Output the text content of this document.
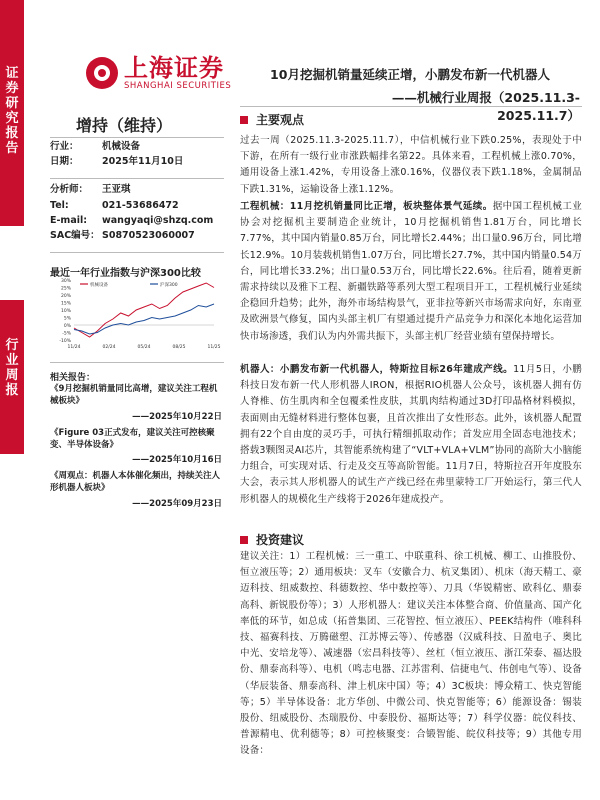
证券研究报告
行业周报
上海证券
SHANGHAI SECURITIES
10月挖掘机销量延续正增，小鹏发布新一代机器人
——机械行业周报（2025.11.3-2025.11.7）
增持（维持）
行业：	机械设备
日期：	2025年11月10日
分析师：	王亚琪
Tel:	021-53686472
E-mail:	wangyaqi@shzq.com
SAC编号： S0870523060007
最近一年行业指数与沪深300比较
30%
25%
20%
15%
10%
5%
0%
-5%
-10%
11/24	02/24	05/24	08/25	11/25
机械设备	沪深300
相关报告：
《9月挖掘机销量同比高增，建议关注工程机械板块》
——2025年10月22日
《Figure 03正式发布，建议关注可控核聚变、半导体设备》
——2025年10月16日
《周观点：机器人本体催化频出，持续关注人形机器人板块》
——2025年09月23日
主要观点
过去一周（2025.11.3-2025.11.7），中信机械行业下跌0.25%，表现处于中下游，在所有一级行业市涨跌幅排名第22。具体来看，工程机械上涨0.70%，通用设备上涨1.42%，专用设备上涨0.16%，仪器仪表下跌1.18%，金属制品下跌1.31%，运输设备上涨1.12%。
工程机械：11月挖机销量同比正增，板块整体景气延续。据中国工程机械工业协会对挖掘机主要制造企业统计，10月挖掘机销售1.81万台，同比增长7.77%，其中国内销量0.85万台，同比增长2.44%；出口量0.96万台，同比增长12.9%。10月装载机销售1.07万台，同比增长27.7%，其中国内销量0.54万台，同比增长33.2%；出口量0.53万台，同比增长22.6%。往后看，随着更新需求持续以及雅下工程、新疆铁路等系列大型工程项目开工，工程机械行业延续企稳回升趋势；此外，海外市场结构景气，亚非拉等新兴市场需求向好，东南亚及欧洲景气修复，国内头部主机厂有望通过提升产品竞争力和深化本地化运营加快市场渗透，我们认为内外需共振下，头部主机厂经营业绩有望保持增长。
机器人：小鹏发布新一代机器人，特斯拉目标26年建成产线。11月5日，小鹏科技日发布新一代人形机器人IRON，根据RIO机器人公众号，该机器人拥有仿人脊椎、仿生肌肉和全包覆柔性皮肤，其肌肉结构通过3D打印晶格材料模拟，表面则由无缝材料进行整体包裹，且首次推出了女性形态。此外，该机器人配置拥有22个自由度的灵巧手，可执行精细抓取动作；首发应用全固态电池技术；搭载3颗图灵AI芯片，其智能系统构建了“VLT+VLA+VLM”协同的高阶大小脑能力组合，可实现对话、行走及交互等高阶智能。11月7日，特斯拉召开年度股东大会，表示其人形机器人的试生产产线已经在弗里蒙特工厂开始运行，第三代人形机器人的规模化生产线将于2026年建成投产。
投资建议
建议关注：1）工程机械：三一重工、中联重科、徐工机械、柳工、山推股份、恒立液压等；2）通用板块：叉车（安徽合力、杭叉集团）、机床（海天精工、豪迈科技、纽威数控、科德数控、华中数控等）、刀具（华锐精密、欧科亿、鼎泰高科、新锐股份等）；3）人形机器人：建议关注本体整合商、价值量高、国产化率低的环节，如总成（拓普集团、三花智控、恒立液压）、PEEK结构件（唯科科技、福赛科技、万腾磁塑、江苏博云等）、传感器（汉威科技、日盈电子、奥比中光、安培龙等）、减速器（宏昌科技等）、丝杠（恒立液压、浙江荣泰、福达股份、鼎泰高科等）、电机（鸣志电器、江苏雷利、信捷电气、伟创电气等）、设备（华辰装备、鼎泰高科、津上机床中国）等；4）3C板块：博众精工、快克智能等；5）半导体设备：北方华创、中微公司、快克智能等；6）能源设备：锡装股份、纽威股份、杰瑞股份、中泰股份、福斯达等；7）科学仪器：皖仪科技、普源精电、优利德等；8）可控核聚变：合锻智能、皖仪科技等；9）其他专用设备：
